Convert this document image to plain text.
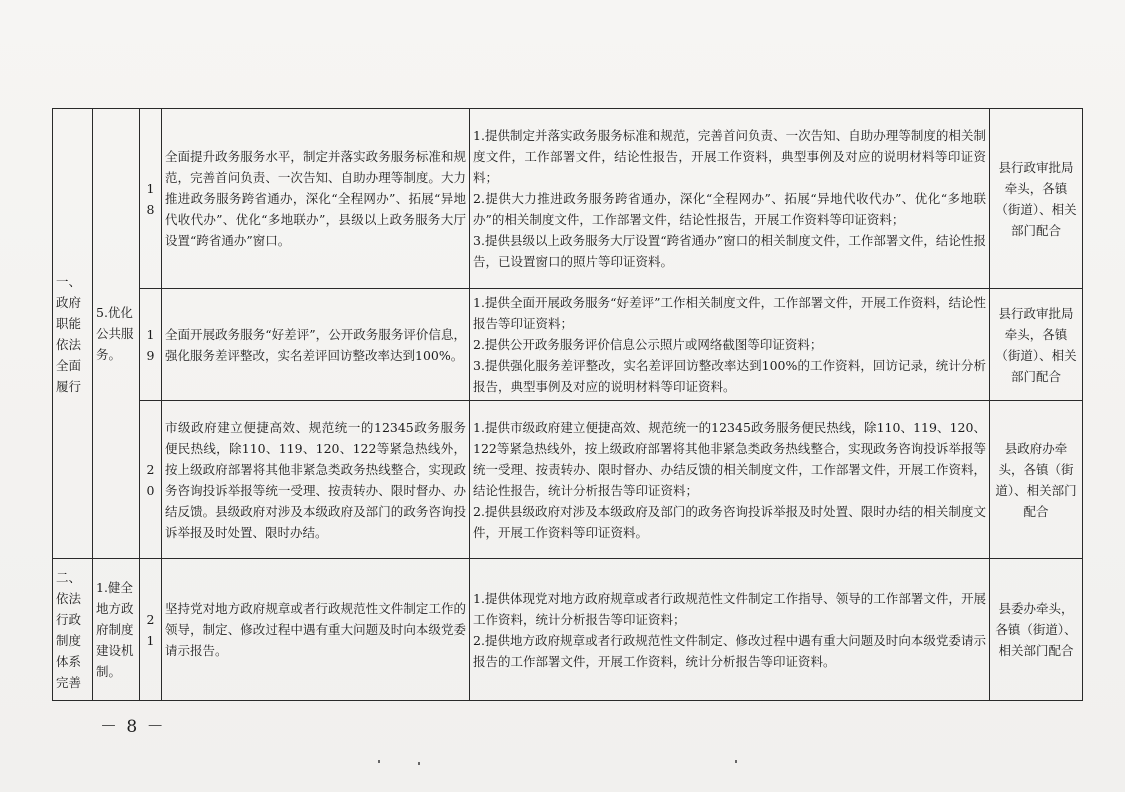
一、政府职能依法全面履行	5.优化公共服务。	18	全面提升政务服务水平，制定并落实政务服务标准和规范，完善首问负责、一次告知、自助办理等制度。大力推进政务服务跨省通办，深化“全程网办”、拓展“异地代收代办”、优化“多地联办”，县级以上政务服务大厅设置“跨省通办”窗口。	1.提供制定并落实政务服务标准和规范，完善首问负责、一次告知、自助办理等制度的相关制度文件，工作部署文件，结论性报告，开展工作资料，典型事例及对应的说明材料等印证资料；
2.提供大力推进政务服务跨省通办，深化“全程网办”、拓展“异地代收代办”、优化“多地联办”的相关制度文件，工作部署文件，结论性报告，开展工作资料等印证资料；
3.提供县级以上政务服务大厅设置“跨省通办”窗口的相关制度文件，工作部署文件，结论性报告，已设置窗口的照片等印证资料。	县行政审批局牵头，各镇（街道）、相关部门配合
		19	全面开展政务服务“好差评”，公开政务服务评价信息，强化服务差评整改，实名差评回访整改率达到100%。	1.提供全面开展政务服务“好差评”工作相关制度文件，工作部署文件，开展工作资料，结论性报告等印证资料；
2.提供公开政务服务评价信息公示照片或网络截图等印证资料；
3.提供强化服务差评整改，实名差评回访整改率达到100%的工作资料，回访记录，统计分析报告，典型事例及对应的说明材料等印证资料。	县行政审批局牵头，各镇（街道）、相关部门配合
		20	市级政府建立便捷高效、规范统一的12345政务服务便民热线，除110、119、120、122等紧急热线外，按上级政府部署将其他非紧急类政务热线整合，实现政务咨询投诉举报等统一受理、按责转办、限时督办、办结反馈。县级政府对涉及本级政府及部门的政务咨询投诉举报及时处置、限时办结。	1.提供市级政府建立便捷高效、规范统一的12345政务服务便民热线，除110、119、120、122等紧急热线外，按上级政府部署将其他非紧急类政务热线整合，实现政务咨询投诉举报等统一受理、按责转办、限时督办、办结反馈的相关制度文件，工作部署文件，开展工作资料，结论性报告，统计分析报告等印证资料；
2.提供县级政府对涉及本级政府及部门的政务咨询投诉举报及时处置、限时办结的相关制度文件，开展工作资料等印证资料。	县政府办牵头，各镇（街道）、相关部门配合
二、依法行政制度体系完善	1.健全地方政府制度建设机制。	21	坚持党对地方政府规章或者行政规范性文件制定工作的领导，制定、修改过程中遇有重大问题及时向本级党委请示报告。	1.提供体现党对地方政府规章或者行政规范性文件制定工作指导、领导的工作部署文件，开展工作资料，统计分析报告等印证资料；
2.提供地方政府规章或者行政规范性文件制定、修改过程中遇有重大问题及时向本级党委请示报告的工作部署文件，开展工作资料，统计分析报告等印证资料。	县委办牵头，各镇（街道）、相关部门配合
－ 8 －
